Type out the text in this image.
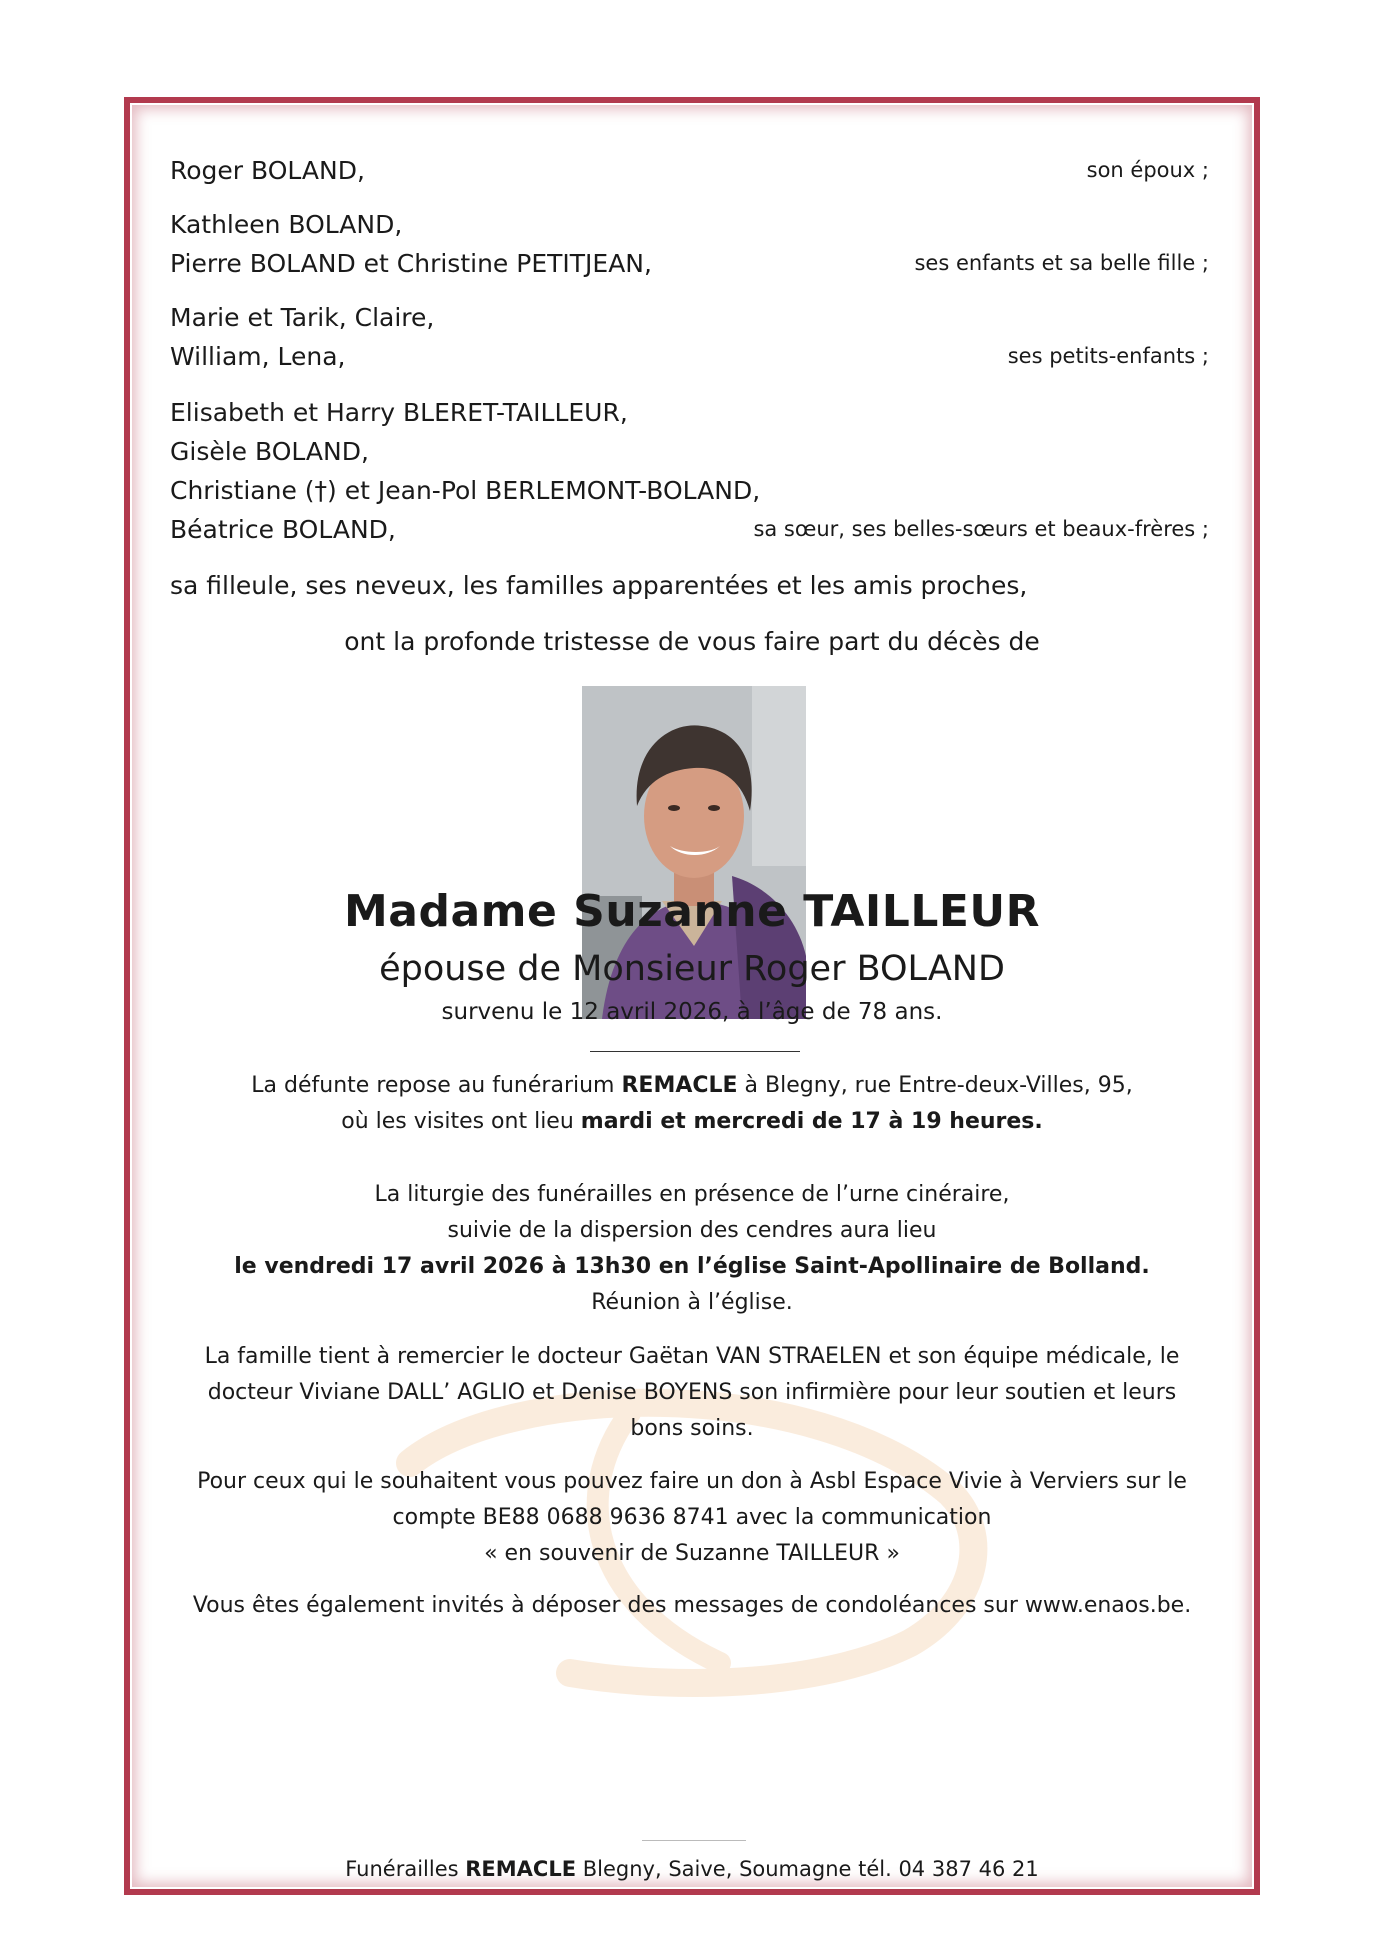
Roger BOLAND,	son époux ;
Kathleen BOLAND,
Pierre BOLAND et Christine PETITJEAN,	ses enfants et sa belle fille ;
Marie et Tarik, Claire,
William, Lena,	ses petits-enfants ;
Elisabeth et Harry BLERET-TAILLEUR,
Gisèle BOLAND,
Christiane (†) et Jean-Pol BERLEMONT-BOLAND,
Béatrice BOLAND,	sa sœur, ses belles-sœurs et beaux-frères ;
sa filleule, ses neveux, les familles apparentées et les amis proches,
ont la profonde tristesse de vous faire part du décès de
Madame Suzanne TAILLEUR
épouse de Monsieur Roger BOLAND
survenu le 12 avril 2026, à l’âge de 78 ans.
La défunte repose au funérarium REMACLE à Blegny, rue Entre-deux-Villes, 95,
où les visites ont lieu mardi et mercredi de 17 à 19 heures.
La liturgie des funérailles en présence de l’urne cinéraire,
suivie de la dispersion des cendres aura lieu
le vendredi 17 avril 2026 à 13h30 en l’église Saint-Apollinaire de Bolland.
Réunion à l’église.
La famille tient à remercier le docteur Gaëtan VAN STRAELEN et son équipe médicale, le
docteur Viviane DALL’ AGLIO et Denise BOYENS son infirmière pour leur soutien et leurs
bons soins.
Pour ceux qui le souhaitent vous pouvez faire un don à Asbl Espace Vivie à Verviers sur le
compte BE88 0688 9636 8741 avec la communication
« en souvenir de Suzanne TAILLEUR »
Vous êtes également invités à déposer des messages de condoléances sur www.enaos.be.
Funérailles REMACLE Blegny, Saive, Soumagne tél. 04 387 46 21
